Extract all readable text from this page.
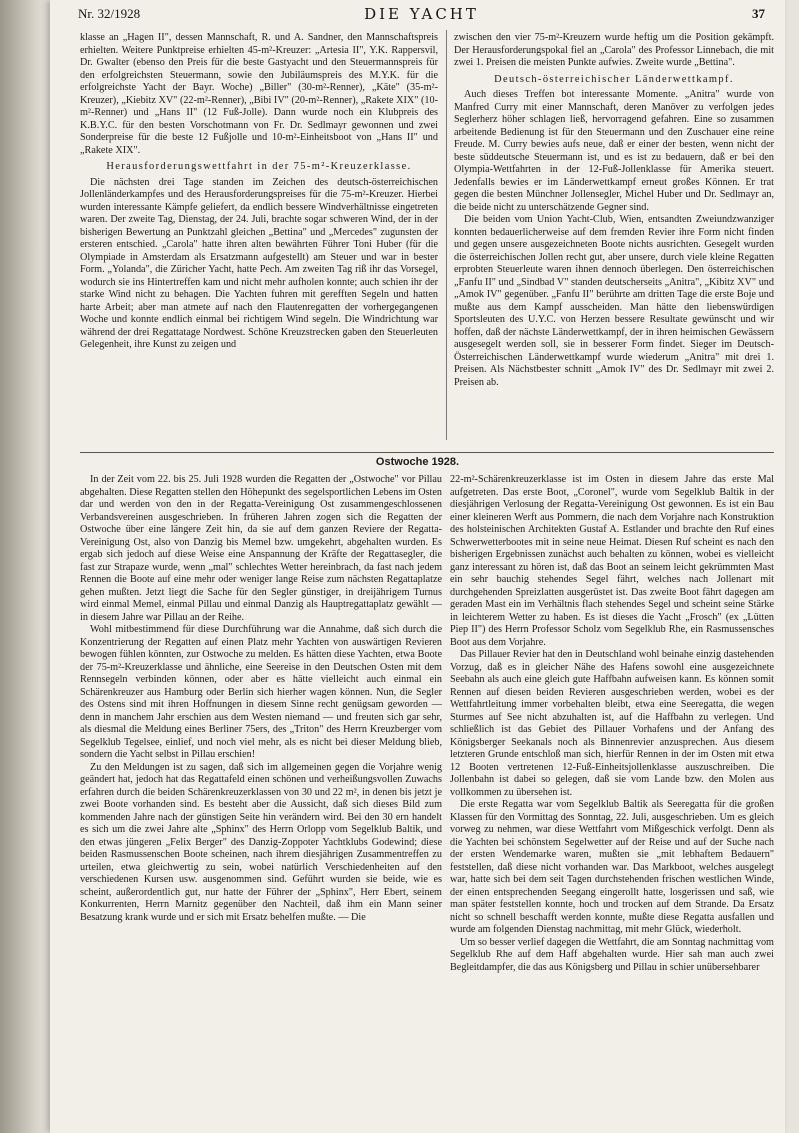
Nr. 32/1928	DIE YACHT	37

klasse an „Hagen II", dessen Mannschaft, R. und A. Sandner, den Mannschaftspreis erhielten. Weitere Punktpreise erhielten 45-m²-Kreuzer: „Artesia II", Y.K. Rappersvil, Dr. Gwalter (ebenso den Preis für die beste Gastyacht und den Steuermannspreis für den erfolgreichsten Steuermann, sowie den Jubiläumspreis des M.Y.K. für die erfolgreichste Yacht der Bayr. Woche) „Biller" (30-m²-Renner), „Käte" (35-m²-Kreuzer), „Kiebitz XV" (22-m²-Renner), „Bibi IV" (20-m²-Renner), „Rakete XIX" (10-m²-Renner) und „Hans II" (12 Fuß-Jolle). Dann wurde noch ein Klubpreis des K.B.Y.C. für den besten Vorschotmann von Fr. Dr. Sedlmayr gewonnen und zwei Sonderpreise für die beste 12 Fußjolle und 10-m²-Einheitsboot von „Hans II" und „Rakete XIX".

Herausforderungswettfahrt in der 75-m²-Kreuzerklasse.

Die nächsten drei Tage standen im Zeichen des deutsch-österreichischen Jollenländerkampfes und des Herausforderungspreises für die 75-m²-Kreuzer. Hierbei wurden interessante Kämpfe geliefert, da endlich bessere Windverhältnisse eingetreten waren. Der zweite Tag, Dienstag, der 24. Juli, brachte sogar schweren Wind, der in der bisherigen Bewertung an Punktzahl gleichen „Bettina" und „Mercedes" zugunsten der ersteren entschied. „Carola" hatte ihren alten bewährten Führer Toni Huber (für die Olympiade in Amsterdam als Ersatzmann aufgestellt) am Steuer und war in bester Form. „Yolanda", die Züricher Yacht, hatte Pech. Am zweiten Tag riß ihr das Vorsegel, wodurch sie ins Hintertreffen kam und nicht mehr aufholen konnte; auch schien ihr der starke Wind nicht zu behagen. Die Yachten fuhren mit gerefften Segeln und hatten harte Arbeit; aber man atmete auf nach den Flautenregatten der vorhergegangenen Woche und konnte endlich einmal bei richtigem Wind segeln. Die Windrichtung war während der drei Regattatage Nordwest. Schöne Kreuzstrecken gaben den Steuerleuten Gelegenheit, ihre Kunst zu zeigen und

zwischen den vier 75-m²-Kreuzern wurde heftig um die Position gekämpft. Der Herausforderungspokal fiel an „Carola" des Professor Linnebach, die mit zwei 1. Preisen die meisten Punkte aufwies. Zweite wurde „Bettina".

Deutsch-österreichischer Länderwettkampf.

Auch dieses Treffen bot interessante Momente. „Anitra" wurde von Manfred Curry mit einer Mannschaft, deren Manöver zu verfolgen jedes Seglerherz höher schlagen ließ, hervorragend gefahren. Eine so zusammen arbeitende Bedienung ist für den Steuermann und den Zuschauer eine reine Freude. M. Curry bewies aufs neue, daß er einer der besten, wenn nicht der beste süddeutsche Steuermann ist, und es ist zu bedauern, daß er bei den Olympia-Wettfahrten in der 12-Fuß-Jollenklasse für Amerika steuert. Jedenfalls bewies er im Länderwettkampf erneut großes Können. Er trat gegen die besten Münchner Jollensegler, Michel Huber und Dr. Sedlmayr an, die beide nicht zu unterschätzende Gegner sind.

Die beiden vom Union Yacht-Club, Wien, entsandten Zweiundzwanziger konnten bedauerlicherweise auf dem fremden Revier ihre Form nicht finden und gegen unsere ausgezeichneten Boote nichts ausrichten. Gesegelt wurden die österreichischen Jollen recht gut, aber unsere, durch viele kleine Regatten erprobten Steuerleute waren ihnen dennoch überlegen. Den österreichischen „Fanfu II" und „Sindbad V" standen deutscherseits „Anitra", „Kibitz XV" und „Amok IV" gegenüber. „Fanfu II" berührte am dritten Tage die erste Boje und mußte aus dem Kampf ausscheiden. Man hätte den liebenswürdigen Sportsleuten des U.Y.C. von Herzen bessere Resultate gewünscht und wir hoffen, daß der nächste Länderwettkampf, der in ihren heimischen Gewässern ausgesegelt werden soll, sie in besserer Form findet. Sieger im Deutsch-Österreichischen Länderwettkampf wurde wiederum „Anitra" mit drei 1. Preisen. Als Nächstbester schnitt „Amok IV" des Dr. Sedlmayr mit zwei 2. Preisen ab.

Ostwoche 1928.

In der Zeit vom 22. bis 25. Juli 1928 wurden die Regatten der „Ostwoche" vor Pillau abgehalten. Diese Regatten stellen den Höhepunkt des segelsportlichen Lebens im Osten dar und werden von den in der Regatta-Vereinigung Ost zusammengeschlossenen Verbandsvereinen ausgeschrieben. In früheren Jahren zogen sich die Regatten der Ostwoche über eine längere Zeit hin, da sie auf dem ganzen Reviere der Regatta-Vereinigung Ost, also von Danzig bis Memel bzw. umgekehrt, abgehalten wurden. Es ergab sich jedoch auf diese Weise eine Anspannung der Kräfte der Regattasegler, die fast zur Strapaze wurde, wenn „mal" schlechtes Wetter hereinbrach, da fast nach jedem Rennen die Boote auf eine mehr oder weniger lange Reise zum nächsten Regattaplatze gehen mußten. Jetzt liegt die Sache für den Segler günstiger, in dreijährigem Turnus wird einmal Memel, einmal Pillau und einmal Danzig als Hauptregattaplatz gewählt — in diesem Jahre war Pillau an der Reihe.

Wohl mitbestimmend für diese Durchführung war die Annahme, daß sich durch die Konzentrierung der Regatten auf einen Platz mehr Yachten von auswärtigen Revieren bewogen fühlen könnten, zur Ostwoche zu melden. Es hätten diese Yachten, etwa Boote der 75-m²-Kreuzerklasse und ähnliche, eine Seereise in den Deutschen Osten mit dem Rennsegeln verbinden können, oder aber es hätte vielleicht auch einmal ein Schärenkreuzer aus Hamburg oder Berlin sich hierher wagen können. Nun, die Segler des Ostens sind mit ihren Hoffnungen in diesem Sinne recht genügsam geworden — denn in manchem Jahr erschien aus dem Westen niemand — und freuten sich gar sehr, als diesmal die Meldung eines Berliner 75ers, des „Triton" des Herrn Kreuzberger vom Segelklub Tegelsee, einlief, und noch viel mehr, als es nicht bei dieser Meldung blieb, sondern die Yacht selbst in Pillau erschien!

Zu den Meldungen ist zu sagen, daß sich im allgemeinen gegen die Vorjahre wenig geändert hat, jedoch hat das Regattafeld einen schönen und verheißungsvollen Zuwachs erfahren durch die beiden Schärenkreuzerklassen von 30 und 22 m², in denen bis jetzt je zwei Boote vorhanden sind. Es besteht aber die Aussicht, daß sich dieses Bild zum kommenden Jahre nach der günstigen Seite hin verändern wird. Bei den 30 ern handelt es sich um die zwei Jahre alte „Sphinx" des Herrn Orlopp vom Segelklub Baltik, und den etwas jüngeren „Felix Berger" des Danzig-Zoppoter Yachtklubs Godewind; diese beiden Rasmussenschen Boote scheinen, nach ihrem diesjährigen Zusammentreffen zu urteilen, etwa gleichwertig zu sein, wobei natürlich Verschiedenheiten auf den verschiedenen Kursen usw. ausgenommen sind. Geführt wurden sie beide, wie es scheint, außerordentlich gut, nur hatte der Führer der „Sphinx", Herr Ebert, seinem Konkurrenten, Herrn Marnitz gegenüber den Nachteil, daß ihm ein Mann seiner Besatzung krank wurde und er sich mit Ersatz behelfen mußte. — Die

22-m²-Schärenkreuzerklasse ist im Osten in diesem Jahre das erste Mal aufgetreten. Das erste Boot, „Coronel", wurde vom Segelklub Baltik in der diesjährigen Verlosung der Regatta-Vereinigung Ost gewonnen. Es ist ein Bau einer kleineren Werft aus Pommern, die nach dem Vorjahre nach Konstruktion des holsteinischen Architekten Gustaf A. Estlander und brachte den Ruf eines Schwerwetterbootes mit in seine neue Heimat. Diesen Ruf scheint es nach den bisherigen Ergebnissen zunächst auch behalten zu können, wobei es vielleicht ganz interessant zu hören ist, daß das Boot an seinem leicht gekrümmten Mast ein sehr bauchig stehendes Segel fährt, welches nach Jollenart mit durchgehenden Spreizlatten ausgerüstet ist. Das zweite Boot fährt dagegen am geraden Mast ein im Verhältnis flach stehendes Segel und scheint seine Stärke in leichterem Wetter zu haben. Es ist dieses die Yacht „Frosch" (ex „Lütten Piep II") des Herrn Professor Scholz vom Segelklub Rhe, ein Rasmussensches Boot aus dem Vorjahre.

Das Pillauer Revier hat den in Deutschland wohl beinahe einzig dastehenden Vorzug, daß es in gleicher Nähe des Hafens sowohl eine ausgezeichnete Seebahn als auch eine gleich gute Haffbahn aufweisen kann. Es können somit Rennen auf diesen beiden Revieren ausgeschrieben werden, wobei es der Wettfahrtleitung immer vorbehalten bleibt, etwa eine Seeregatta, die wegen Sturmes auf See nicht abzuhalten ist, auf die Haffbahn zu verlegen. Und schließlich ist das Gebiet des Pillauer Vorhafens und der Anfang des Königsberger Seekanals noch als Binnenrevier anzusprechen. Aus diesem letzteren Grunde entschloß man sich, hierfür Rennen in der im Osten mit etwa 12 Booten vertretenen 12-Fuß-Einheitsjollenklasse auszuschreiben. Die Jollenbahn ist dabei so gelegen, daß sie vom Lande bzw. den Molen aus vollkommen zu übersehen ist.

Die erste Regatta war vom Segelklub Baltik als Seeregatta für die großen Klassen für den Vormittag des Sonntag, 22. Juli, ausgeschrieben. Um es gleich vorweg zu nehmen, war diese Wettfahrt vom Mißgeschick verfolgt. Denn als die Yachten bei schönstem Segelwetter auf der Reise und auf der Suche nach der ersten Wendemarke waren, mußten sie „mit lebhaftem Bedauern" feststellen, daß diese nicht vorhanden war. Das Markboot, welches ausgelegt war, hatte sich bei dem seit Tagen durchstehenden frischen westlichen Winde, der einen entsprechenden Seegang eingerollt hatte, losgerissen und saß, wie man später feststellen konnte, hoch und trocken auf dem Strande. Da Ersatz nicht so schnell beschafft werden konnte, mußte diese Regatta ausfallen und wurde am folgenden Dienstag nachmittag, mit mehr Glück, wiederholt.

Um so besser verlief dagegen die Wettfahrt, die am Sonntag nachmittag vom Segelklub Rhe auf dem Haff abgehalten wurde. Hier sah man auch zwei Begleitdampfer, die das aus Königsberg und Pillau in schier unübersehbarer
